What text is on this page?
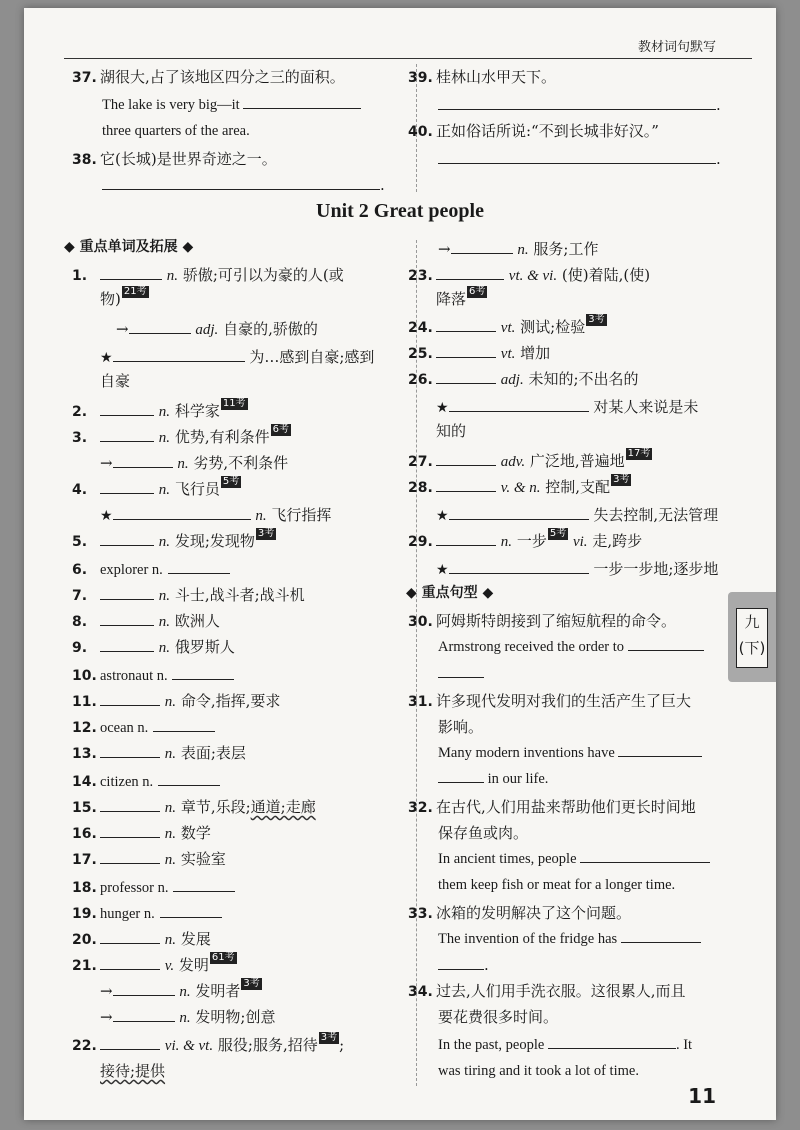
教材词句默写
37. 湖很大,占了该地区四分之三的面积。
The lake is very big—it
three quarters of the area.
38. 它(长城)是世界奇迹之一。
.
39. 桂林山水甲天下。
.
40. 正如俗话所说:“不到长城非好汉。”
.
Unit 2 Great people
◆ 重点单词及拓展 ◆
1.	n. 骄傲;可引以为豪的人(或
物) 21考
→	adj. 自豪的,骄傲的
★	为…感到自豪;感到
自豪
2.	n. 科学家 11考
3.	n. 优势,有利条件 6考
→	n. 劣势,不利条件
4.	n. 飞行员 5考
★	n. 飞行指挥
5.	n. 发现;发现物 3考
6. explorer n.
7.	n. 斗士,战斗者;战斗机
8.	n. 欧洲人
9.	n. 俄罗斯人
10. astronaut n.
11.	n. 命令,指挥,要求
12. ocean n.
13.	n. 表面;表层
14. citizen n.
15.	n. 章节,乐段;通道;走廊
16.	n. 数学
17.	n. 实验室
18. professor n.
19. hunger n.
20.	n. 发展
21.	v. 发明 61考
→	n. 发明者 3考
→	n. 发明物;创意
22.	vi. & vt. 服役;服务,招待 3考 ;
接待;提供
→	n. 服务;工作
23.	vt. & vi. (使)着陆,(使)
降落 6考
24.	vt. 测试;检验 3考
25.	vt. 增加
26.	adj. 未知的;不出名的
★	对某人来说是未
知的
27.	adv. 广泛地,普遍地 17考
28.	v. & n. 控制,支配 3考
★	失去控制,无法管理
29.	n. 一步 5考 vi. 走,跨步
★	一步一步地;逐步地
◆ 重点句型 ◆
30. 阿姆斯特朗接到了缩短航程的命令。
Armstrong received the order to
31. 许多现代发明对我们的生活产生了巨大
影响。
Many modern inventions have
in our life.
32. 在古代,人们用盐来帮助他们更长时间地
保存鱼或肉。
In ancient times, people
them keep fish or meat for a longer time.
33. 冰箱的发明解决了这个问题。
The invention of the fridge has
.
34. 过去,人们用手洗衣服。这很累人,而且
要花费很多时间。
In the past, people	. It
was tiring and it took a lot of time.
九(下)
11
